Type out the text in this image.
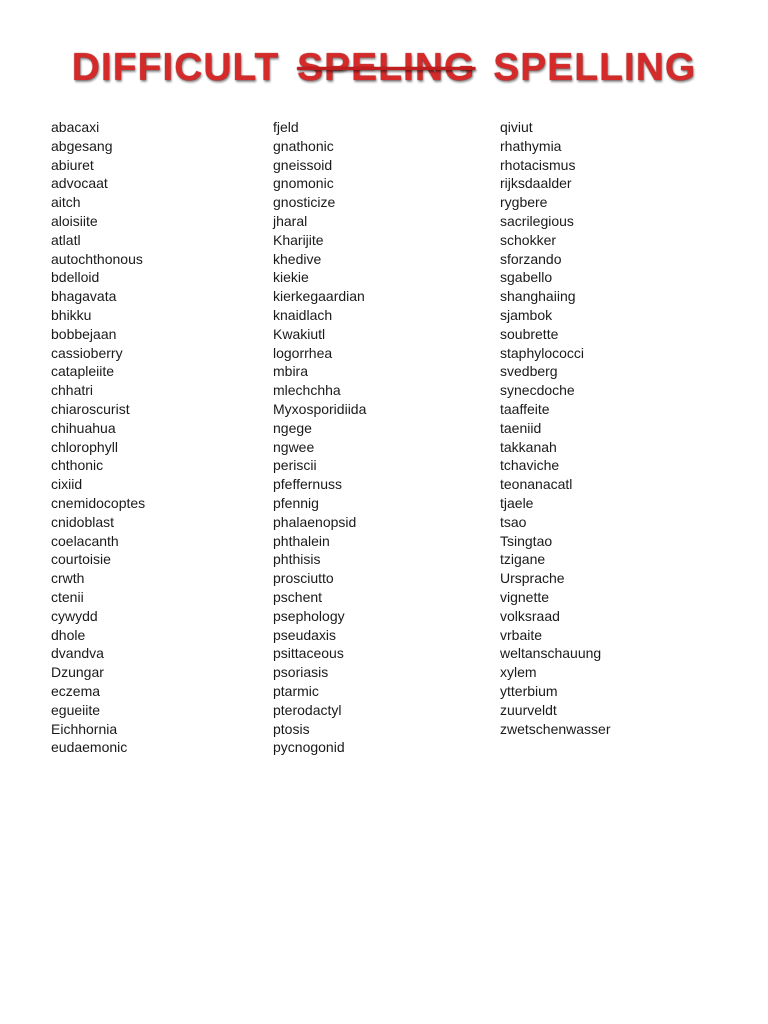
DIFFICULT SPELING SPELLING
abacaxi
abgesang
abiuret
advocaat
aitch
aloisiite
atlatl
autochthonous
bdelloid
bhagavata
bhikku
bobbejaan
cassioberry
catapleiite
chhatri
chiaroscurist
chihuahua
chlorophyll
chthonic
cixiid
cnemidocoptes
cnidoblast
coelacanth
courtoisie
crwth
ctenii
cywydd
dhole
dvandva
Dzungar
eczema
egueiite
Eichhornia
eudaemonic
fjeld
gnathonic
gneissoid
gnomonic
gnosticize
jharal
Kharijite
khedive
kiekie
kierkegaardian
knaidlach
Kwakiutl
logorrhea
mbira
mlechchha
Myxosporidiida
ngege
ngwee
periscii
pfeffernuss
pfennig
phalaenopsid
phthalein
phthisis
prosciutto
pschent
psephology
pseudaxis
psittaceous
psoriasis
ptarmic
pterodactyl
ptosis
pycnogonid
qiviut
rhathymia
rhotacismus
rijksdaalder
rygbere
sacrilegious
schokker
sforzando
sgabello
shanghaiing
sjambok
soubrette
staphylococci
svedberg
synecdoche
taaffeite
taeniid
takkanah
tchaviche
teonanacatl
tjaele
tsao
Tsingtao
tzigane
Ursprache
vignette
volksraad
vrbaite
weltanschauung
xylem
ytterbium
zuurveldt
zwetschenwasser
